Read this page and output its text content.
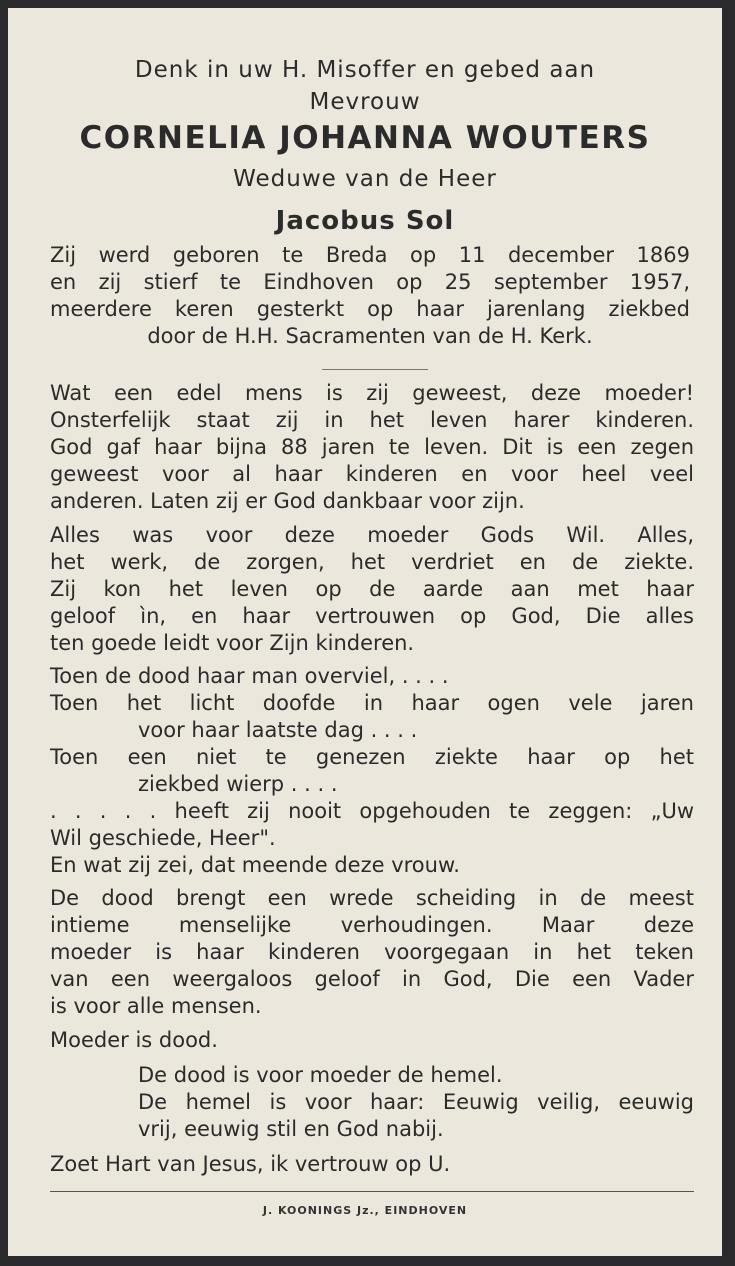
Denk in uw H. Misoffer en gebed aan
Mevrouw
CORNELIA JOHANNA WOUTERS
Weduwe van de Heer
Jacobus Sol
Zij werd geboren te Breda op 11 december 1869
en zij stierf te Eindhoven op 25 september 1957,
meerdere keren gesterkt op haar jarenlang ziekbed
door de H.H. Sacramenten van de H. Kerk.
Wat een edel mens is zij geweest, deze moeder!
Onsterfelijk staat zij in het leven harer kinderen.
God gaf haar bijna 88 jaren te leven. Dit is een zegen
geweest voor al haar kinderen en voor heel veel
anderen. Laten zij er God dankbaar voor zijn.
Alles was voor deze moeder Gods Wil. Alles,
het werk, de zorgen, het verdriet en de ziekte.
Zij kon het leven op de aarde aan met haar
geloof ìn, en haar vertrouwen op God, Die alles
ten goede leidt voor Zijn kinderen.
Toen de dood haar man overviel, . . . .
Toen het licht doofde in haar ogen vele jaren
voor haar laatste dag . . . .
Toen een niet te genezen ziekte haar op het
ziekbed wierp . . . .
. . . . . heeft zij nooit opgehouden te zeggen: „Uw
Wil geschiede, Heer".
En wat zij zei, dat meende deze vrouw.
De dood brengt een wrede scheiding in de meest
intieme menselijke verhoudingen. Maar deze
moeder is haar kinderen voorgegaan in het teken
van een weergaloos geloof in God, Die een Vader
is voor alle mensen.
Moeder is dood.
De dood is voor moeder de hemel.
De hemel is voor haar: Eeuwig veilig, eeuwig
vrij, eeuwig stil en God nabij.
Zoet Hart van Jesus, ik vertrouw op U.
J. KOONINGS Jz., EINDHOVEN
